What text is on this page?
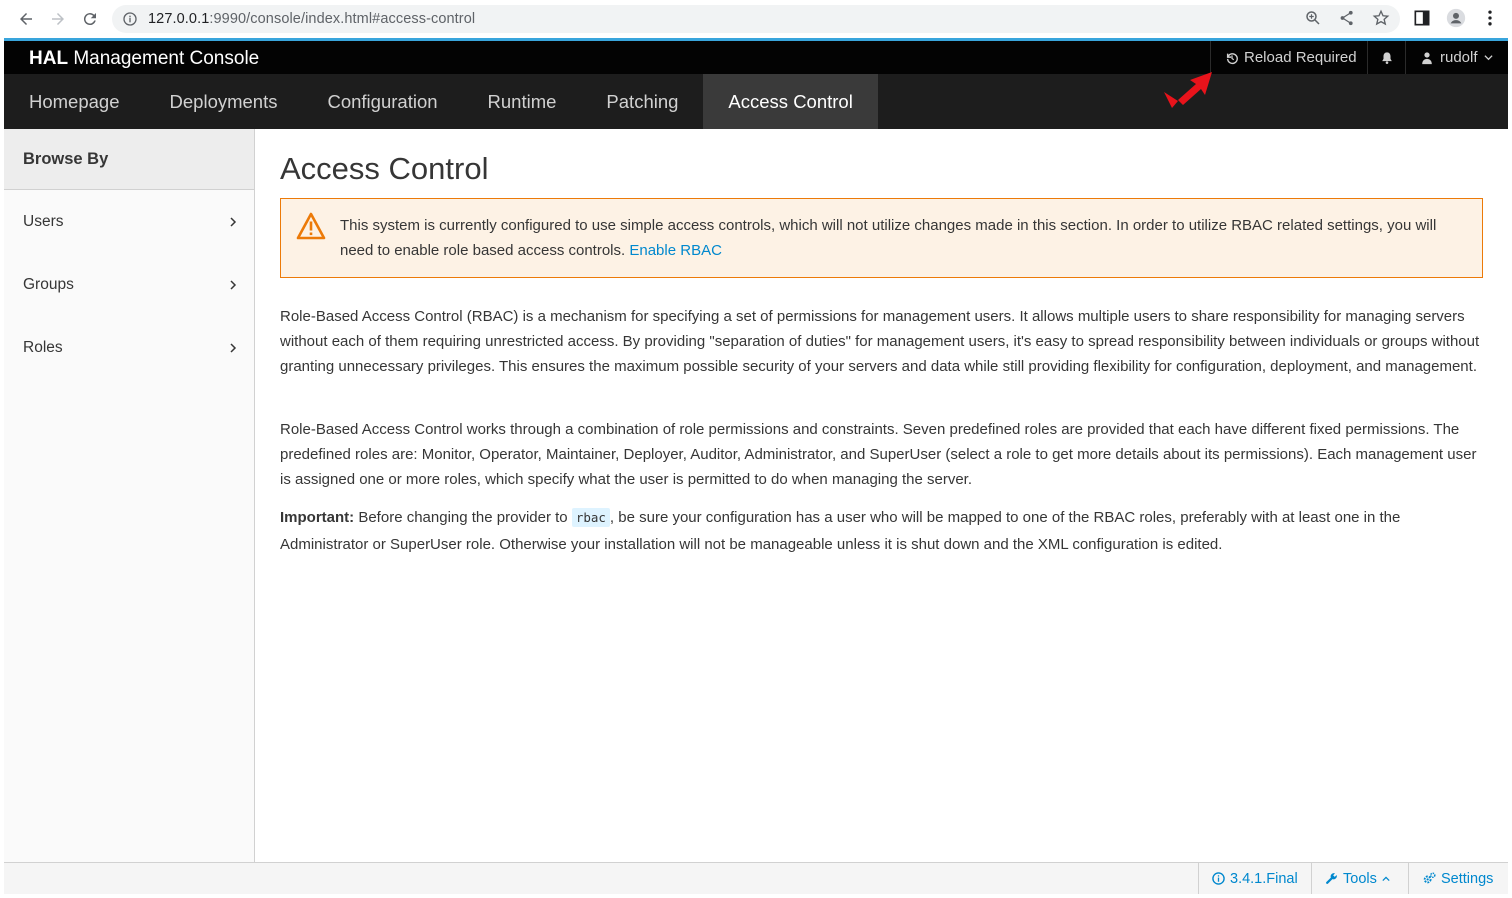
127.0.0.1:9990/console/index.html#access-control
HAL Management Console	Reload Required	rudolf
Homepage	Deployments	Configuration	Runtime	Patching	Access Control
Browse By
Users
Groups
Roles
Access Control
This system is currently configured to use simple access controls, which will not utilize changes made in this section. In order to utilize RBAC related settings, you will need to enable role based access controls. Enable RBAC

Role-Based Access Control (RBAC) is a mechanism for specifying a set of permissions for management users. It allows multiple users to share responsibility for managing servers without each of them requiring unrestricted access. By providing "separation of duties" for management users, it's easy to spread responsibility between individuals or groups without granting unnecessary privileges. This ensures the maximum possible security of your servers and data while still providing flexibility for configuration, deployment, and management.

Role-Based Access Control works through a combination of role permissions and constraints. Seven predefined roles are provided that each have different fixed permissions. The predefined roles are: Monitor, Operator, Maintainer, Deployer, Auditor, Administrator, and SuperUser (select a role to get more details about its permissions). Each management user is assigned one or more roles, which specify what the user is permitted to do when managing the server.

Important: Before changing the provider to rbac , be sure your configuration has a user who will be mapped to one of the RBAC roles, preferably with at least one in the Administrator or SuperUser role. Otherwise your installation will not be manageable unless it is shut down and the XML configuration is edited.

3.4.1.Final	Tools	Settings
